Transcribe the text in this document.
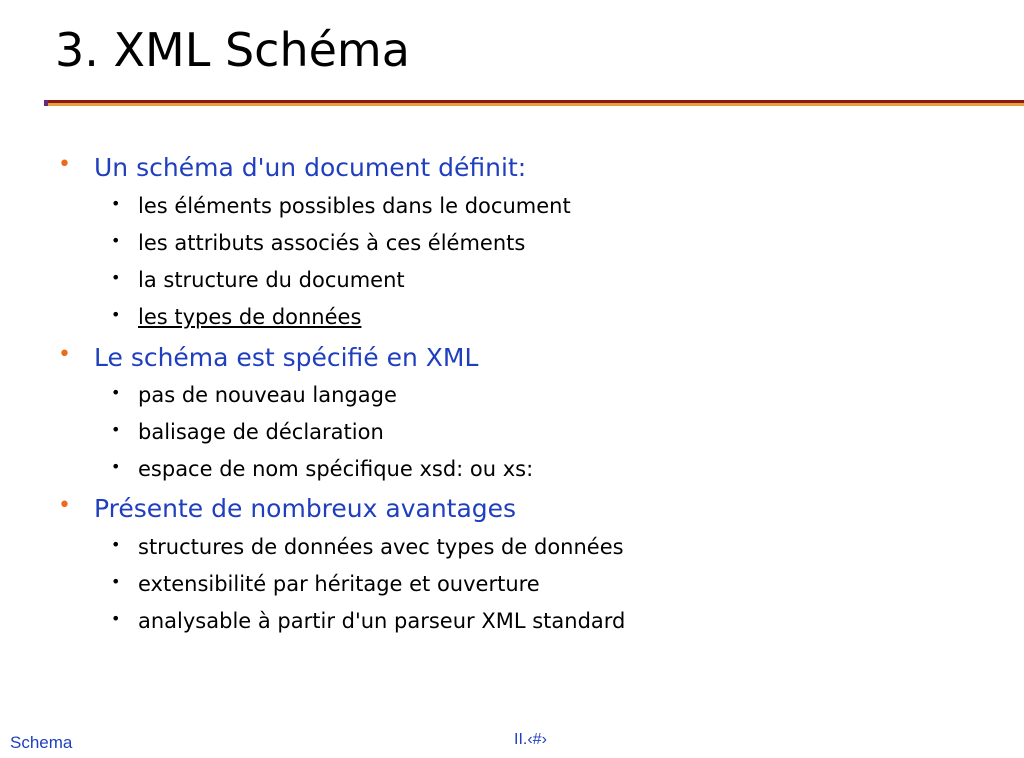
3. XML Schéma
• Un schéma d'un document définit:
• les éléments possibles dans le document
• les attributs associés à ces éléments
• la structure du document
• les types de données
• Le schéma est spécifié en XML
• pas de nouveau langage
• balisage de déclaration
• espace de nom spécifique xsd: ou xs:
• Présente de nombreux avantages
• structures de données avec types de données
• extensibilité par héritage et ouverture
• analysable à partir d'un parseur XML standard
Schema	II.‹#›
